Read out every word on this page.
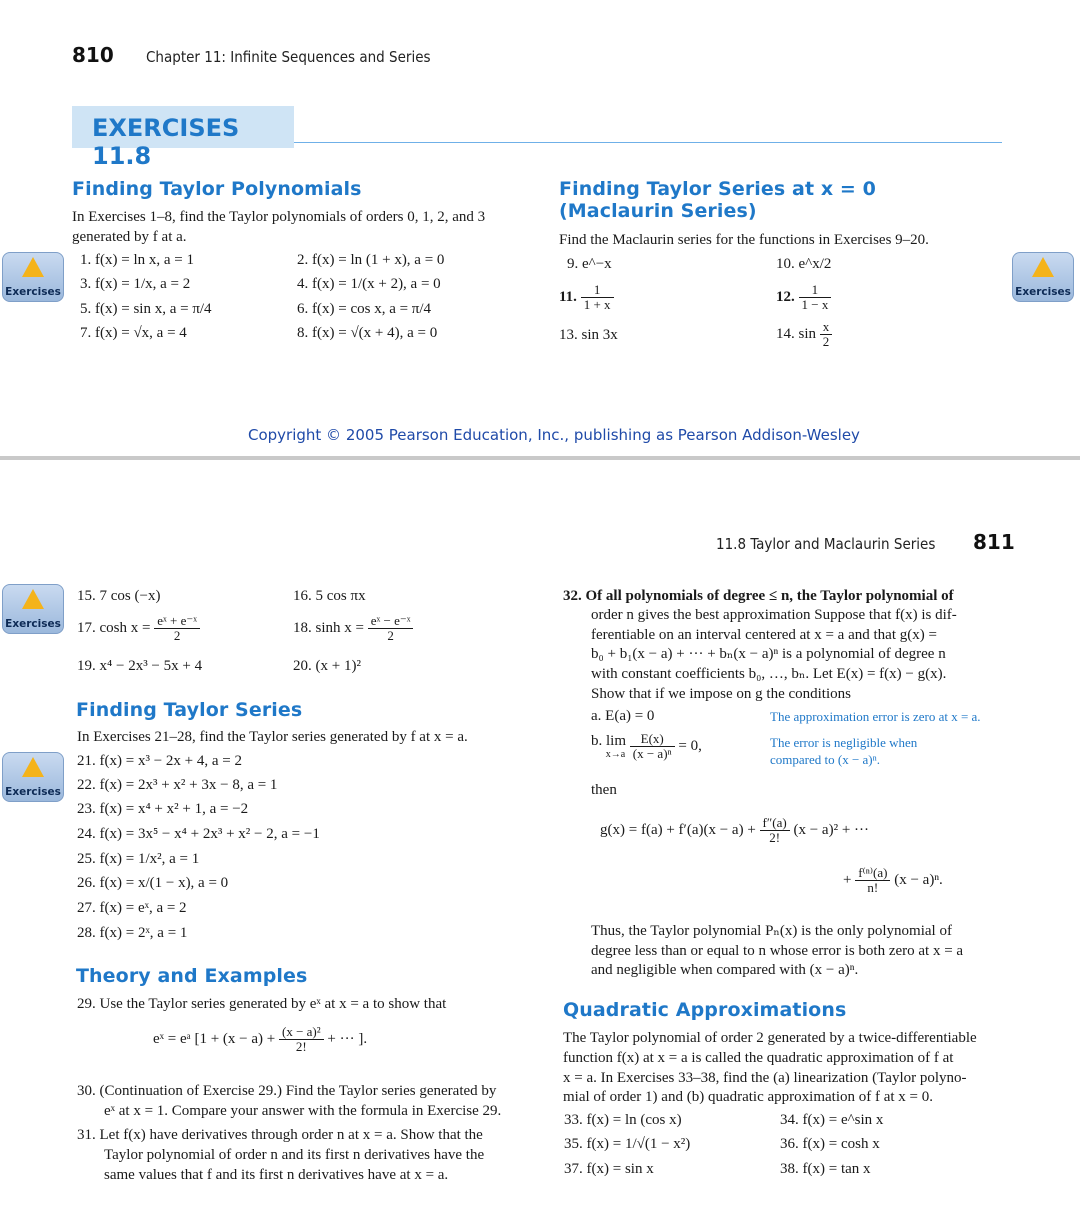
810 Chapter 11: Infinite Sequences and Series
EXERCISES 11.8
Exercises	Exercises
Finding Taylor Polynomials
In Exercises 1–8, find the Taylor polynomials of orders 0, 1, 2, and 3
generated by f at a.
1. f(x) = ln x, a = 1	2. f(x) = ln (1 + x), a = 0
3. f(x) = 1/x, a = 2	4. f(x) = 1/(x + 2), a = 0
5. f(x) = sin x, a = π/4	6. f(x) = cos x, a = π/4
7. f(x) = √x, a = 4	8. f(x) = √(x + 4), a = 0
Finding Taylor Series at x = 0
(Maclaurin Series)
Find the Maclaurin series for the functions in Exercises 9–20.
9. e^−x	10. e^x/2
11. $\frac{1}{1 + x}$	12. $\frac{1}{1 - x}$
13. sin 3x	14. $\sin \frac{x}{2}$
Copyright © 2005 Pearson Education, Inc., publishing as Pearson Addison-Wesley
11.8 Taylor and Maclaurin Series 811
Exercises
Exercises
15. 7 cos (−x)	16. 5 cos πx
17. $\cosh x = \frac{\text{eˣ + e⁻ˣ}}{2}$	18. $\sinh x = \frac{\text{eˣ − e⁻ˣ}}{2}$
19. x⁴ − 2x³ − 5x + 4	20. (x + 1)²
Finding Taylor Series
In Exercises 21–28, find the Taylor series generated by f at x = a.
21. f(x) = x³ − 2x + 4, a = 2
22. f(x) = 2x³ + x² + 3x − 8, a = 1
23. f(x) = x⁴ + x² + 1, a = −2
24. f(x) = 3x⁵ − x⁴ + 2x³ + x² − 2, a = −1
25. f(x) = 1/x², a = 1
26. f(x) = x/(1 − x), a = 0
27. f(x) = eˣ, a = 2
28. f(x) = 2ˣ, a = 1
Theory and Examples
29. Use the Taylor series generated by eˣ at x = a to show that
eˣ = eᵃ [$1 + (x - a) + \frac{\text{(x − a)²}}{2!}$ + ··· ].
30. (Continuation of Exercise 29.) Find the Taylor series generated by
eˣ at x = 1. Compare your answer with the formula in Exercise 29.
31. Let f(x) have derivatives through order n at x = a. Show that the
Taylor polynomial of order n and its first n derivatives have the
same values that f and its first n derivatives have at x = a.
32. Of all polynomials of degree ≤ n, the Taylor polynomial of
order n gives the best approximation Suppose that f(x) is dif-
ferentiable on an interval centered at x = a and that g(x) =
b₀ + b₁(x − a) + ··· + bₙ(x − a)ⁿ is a polynomial of degree n
with constant coefficients b₀, …, bₙ. Let E(x) = f(x) − g(x).
Show that if we impose on g the conditions
a. E(a) = 0	The approximation error is zero at x = a.
b. lim
x→a
$\frac{E(x)}{\text{(x − a)ⁿ}} = 0$,	The error is negligible when
compared to (x − a)ⁿ.
then
$g(x) = f(a) + f'(a)(x - a) + \frac{f''(a)}{2!} (x - a)^2$ + ···
+ $\frac{\text{f⁽ⁿ⁾(a)}}{n!} (x - a)^n$.
Thus, the Taylor polynomial Pₙ(x) is the only polynomial of
degree less than or equal to n whose error is both zero at x = a
and negligible when compared with (x − a)ⁿ.
Quadratic Approximations
The Taylor polynomial of order 2 generated by a twice-differentiable
function f(x) at x = a is called the quadratic approximation of f at
x = a. In Exercises 33–38, find the (a) linearization (Taylor polyno-
mial of order 1) and (b) quadratic approximation of f at x = 0.
33. f(x) = ln (cos x)	34. f(x) = e^sin x
35. f(x) = 1/√(1 − x²)	36. f(x) = cosh x
37. f(x) = sin x	38. f(x) = tan x
